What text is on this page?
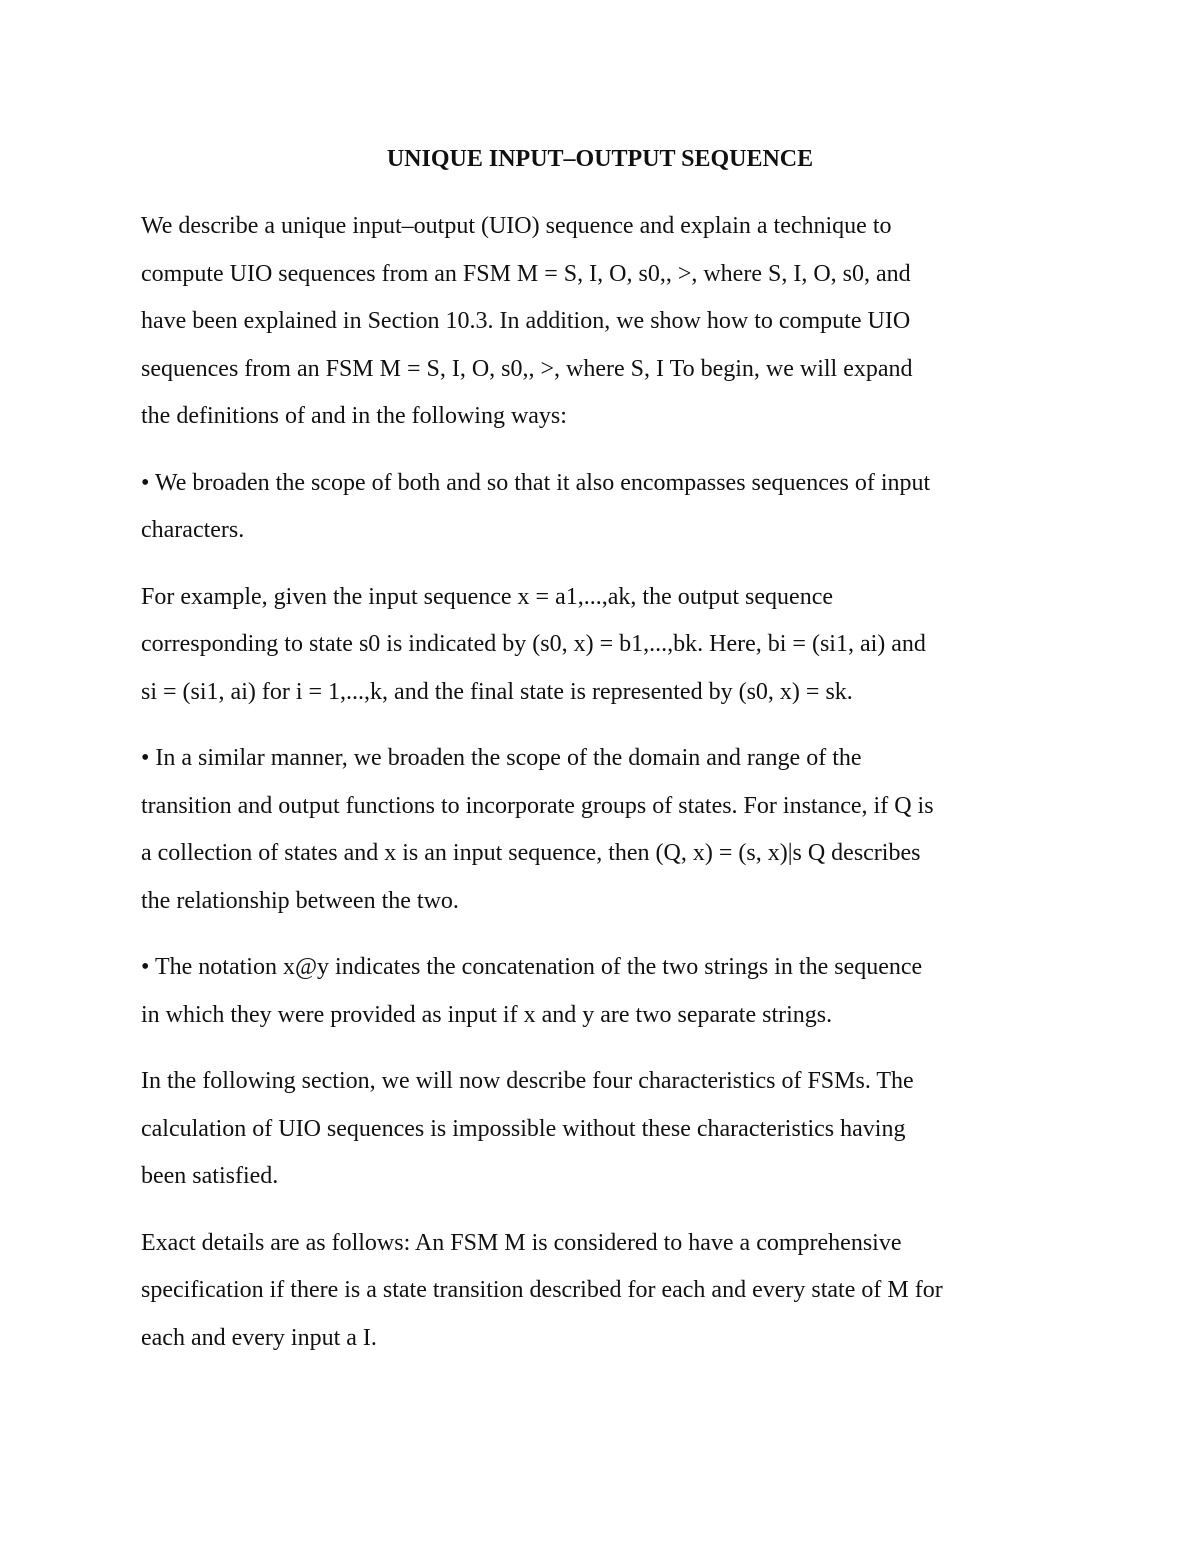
UNIQUE INPUT–OUTPUT SEQUENCE

We describe a unique input–output (UIO) sequence and explain a technique to
compute UIO sequences from an FSM M = S, I, O, s0,, >, where S, I, O, s0, and
have been explained in Section 10.3. In addition, we show how to compute UIO
sequences from an FSM M = S, I, O, s0,, >, where S, I To begin, we will expand
the definitions of and in the following ways:

• We broaden the scope of both and so that it also encompasses sequences of input
characters.

For example, given the input sequence x = a1,...,ak, the output sequence
corresponding to state s0 is indicated by (s0, x) = b1,...,bk. Here, bi = (si1, ai) and
si = (si1, ai) for i = 1,...,k, and the final state is represented by (s0, x) = sk.

• In a similar manner, we broaden the scope of the domain and range of the
transition and output functions to incorporate groups of states. For instance, if Q is
a collection of states and x is an input sequence, then (Q, x) = (s, x)|s Q describes
the relationship between the two.

• The notation x@y indicates the concatenation of the two strings in the sequence
in which they were provided as input if x and y are two separate strings.

In the following section, we will now describe four characteristics of FSMs. The
calculation of UIO sequences is impossible without these characteristics having
been satisfied.

Exact details are as follows: An FSM M is considered to have a comprehensive
specification if there is a state transition described for each and every state of M for
each and every input a I.
